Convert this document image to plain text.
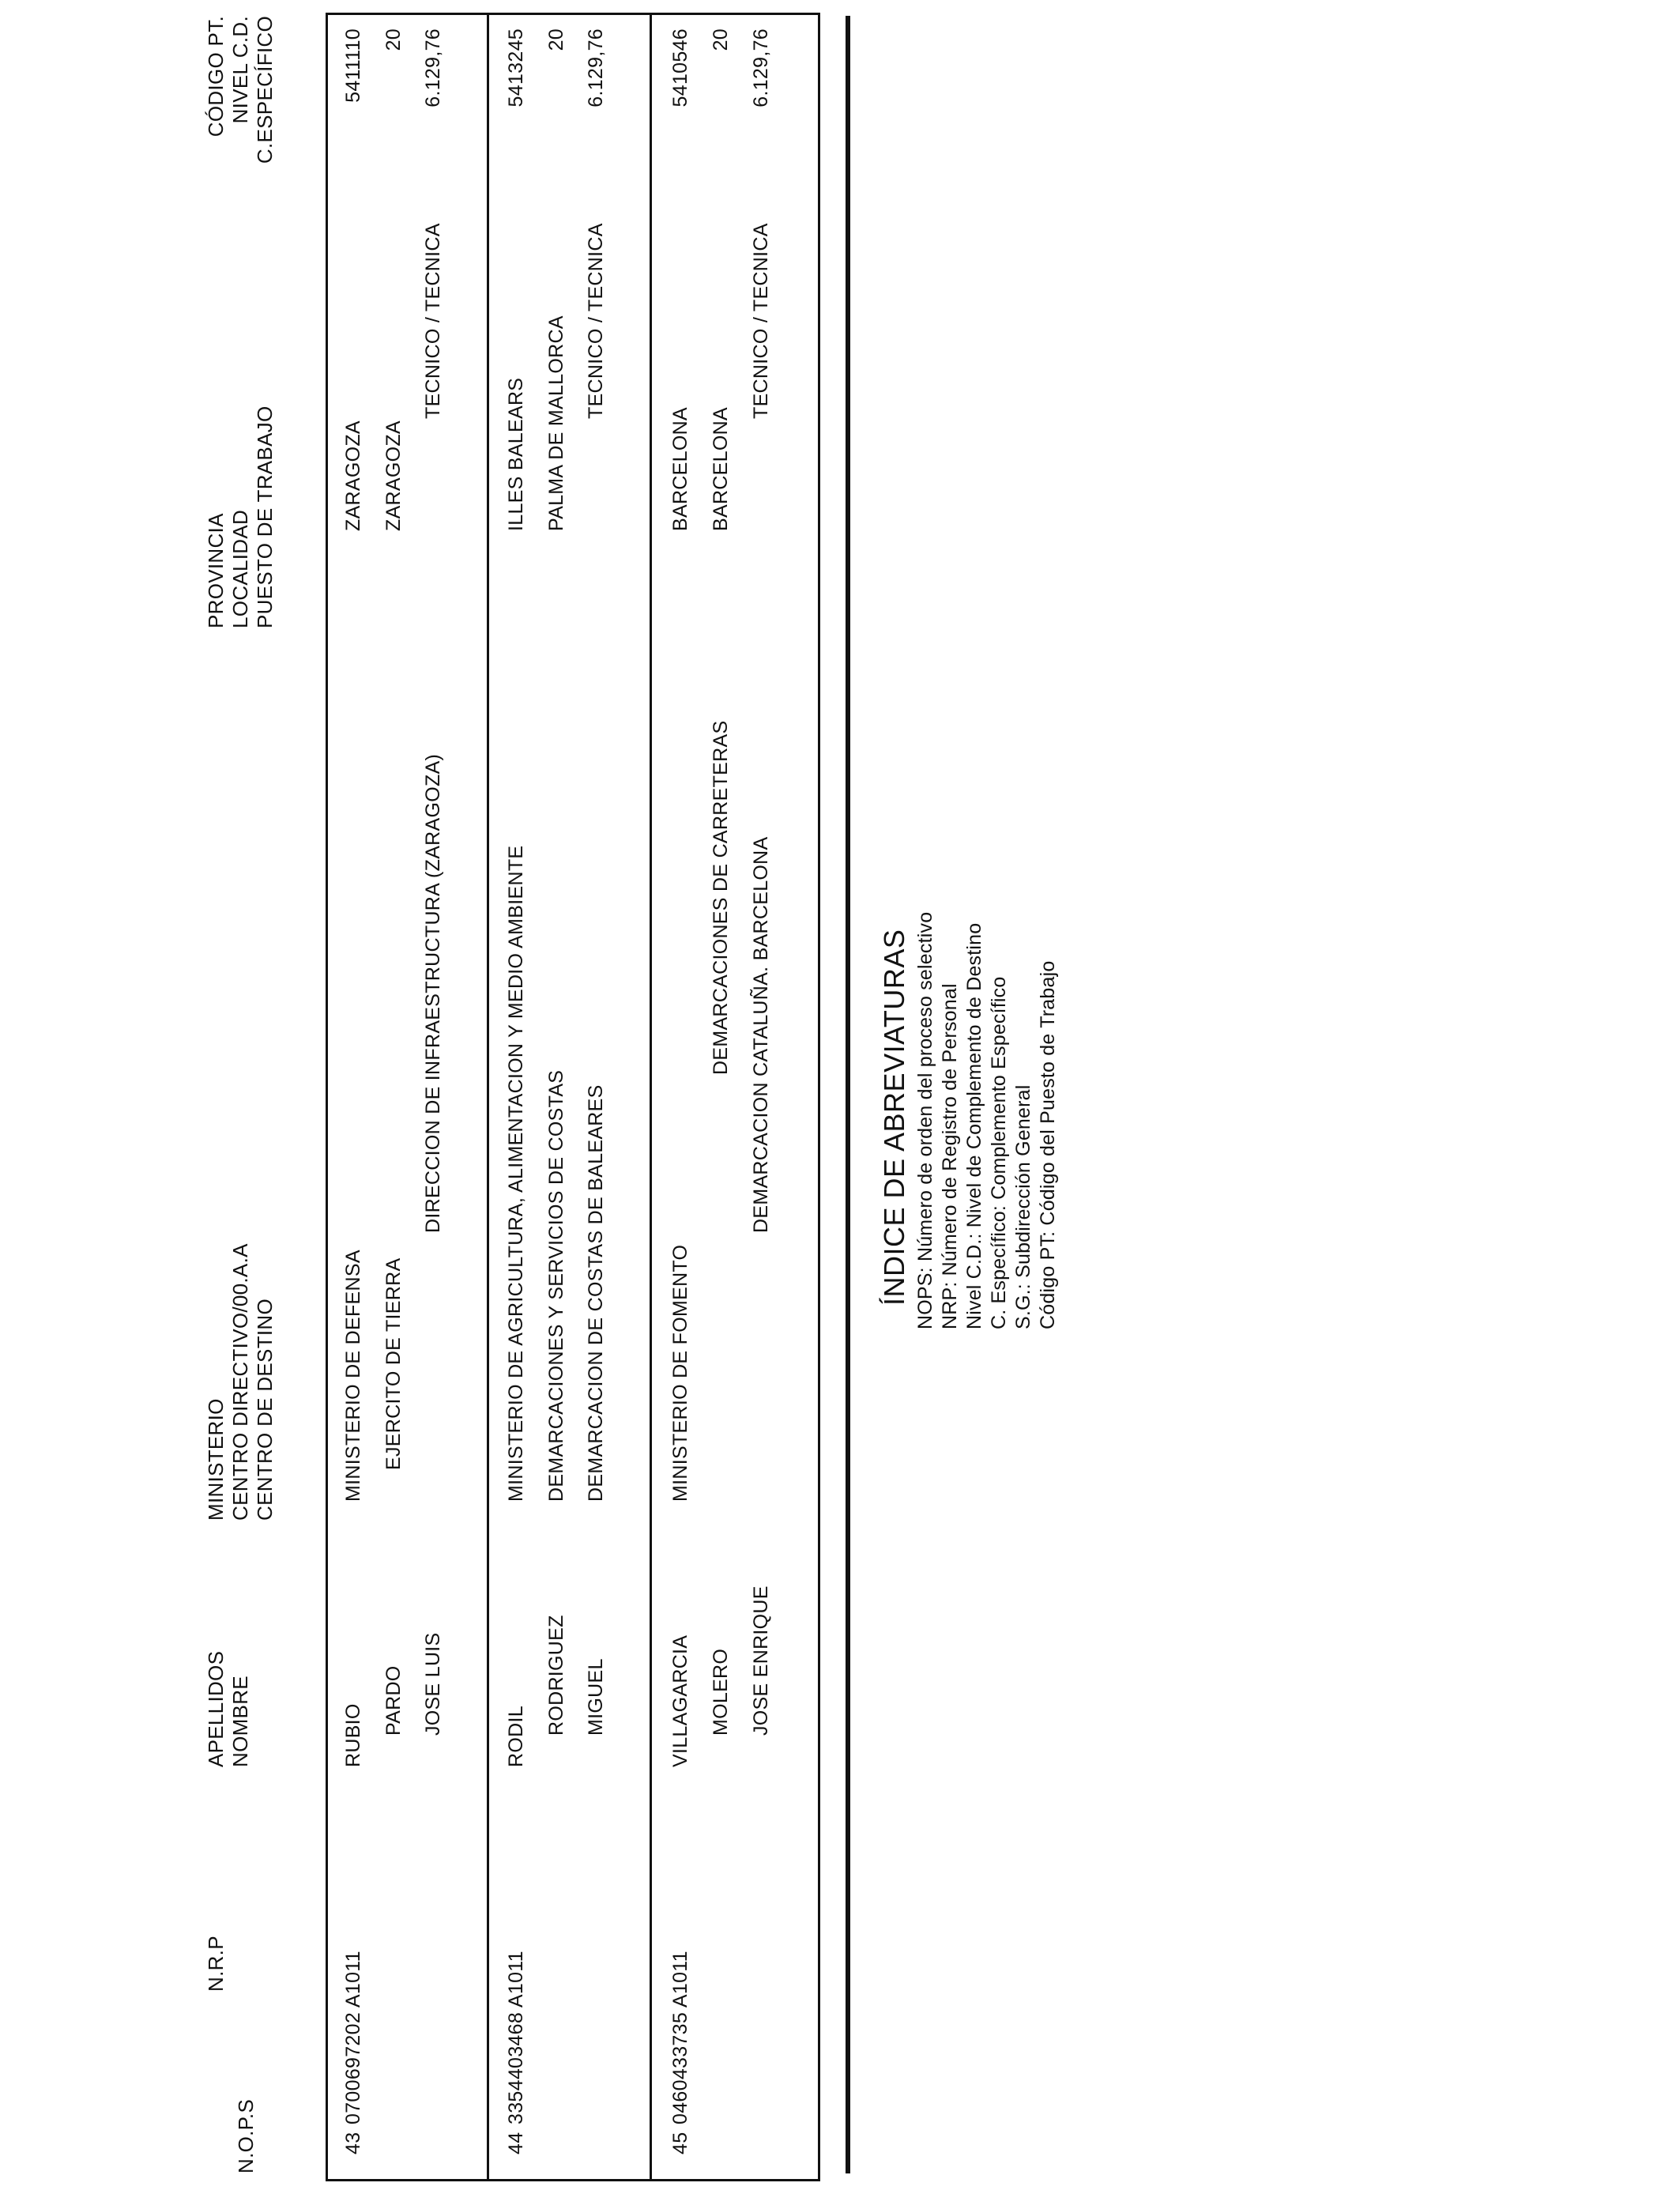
N.O.P.S
N.R.P
APELLIDOS NOMBRE
MINISTERIO CENTRO DIRECTIVO/00.A.A CENTRO DE DESTINO
PROVINCIA LOCALIDAD PUESTO DE TRABAJO
CÓDIGO PT. NIVEL C.D. C.ESPECÍFICO
43
0700697202 A1011
RUBIO PARDO JOSE LUIS
MINISTERIO DE DEFENSA EJERCITO DE TIERRA
DIRECCION DE INFRAESTRUCTURA (ZARAGOZA)
ZARAGOZA ZARAGOZA
TECNICO / TECNICA
5411110 20 6.129,76
44
3354403468 A1011
RODIL
RODRIGUEZ MIGUEL
MINISTERIO DE AGRICULTURA, ALIMENTACION Y MEDIO AMBIENTE DEMARCACIONES Y SERVICIOS DE COSTAS DEMARCACION DE COSTAS DE BALEARES
ILLES BALEARS PALMA DE MALLORCA TECNICO / TECNICA
5413245 20 6.129,76
45
0460433735 A1011
VILLAGARCIA MOLERO JOSE ENRIQUE
MINISTERIO DE FOMENTO
DEMARCACIONES DE CARRETERAS DEMARCACION CATALUÑA. BARCELONA
BARCELONA BARCELONA
TECNICO / TECNICA
5410546 20 6.129,76
ÍNDICE DE ABREVIATURAS NOPS: Número de orden del proceso selectivo NRP: Número de Registro de Personal Nivel C.D.: Nivel de Complemento de Destino C. Específico: Complemento Específico S.G.: Subdirección General Código PT: Código del Puesto de Trabajo
